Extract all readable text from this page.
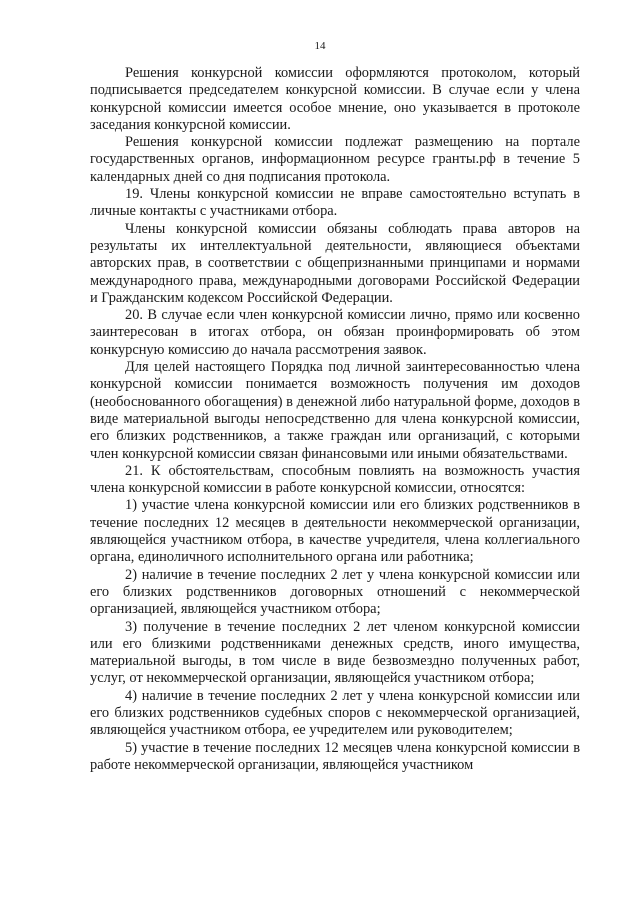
14

Решения конкурсной комиссии оформляются протоколом, который подписывается председателем конкурсной комиссии. В случае если у члена конкурсной комиссии имеется особое мнение, оно указывается в протоколе заседания конкурсной комиссии.

Решения конкурсной комиссии подлежат размещению на портале государственных органов, информационном ресурсе гранты.рф в течение 5 календарных дней со дня подписания протокола.

19. Члены конкурсной комиссии не вправе самостоятельно вступать в личные контакты с участниками отбора.

Члены конкурсной комиссии обязаны соблюдать права авторов на результаты их интеллектуальной деятельности, являющиеся объектами авторских прав, в соответствии с общепризнанными принципами и нормами международного права, международными договорами Российской Федерации и Гражданским кодексом Российской Федерации.

20. В случае если член конкурсной комиссии лично, прямо или косвенно заинтересован в итогах отбора, он обязан проинформировать об этом конкурсную комиссию до начала рассмотрения заявок.

Для целей настоящего Порядка под личной заинтересованностью члена конкурсной комиссии понимается возможность получения им доходов (необоснованного обогащения) в денежной либо натуральной форме, доходов в виде материальной выгоды непосредственно для члена конкурсной комиссии, его близких родственников, а также граждан или организаций, с которыми член конкурсной комиссии связан финансовыми или иными обязательствами.

21. К обстоятельствам, способным повлиять на возможность участия члена конкурсной комиссии в работе конкурсной комиссии, относятся:

1) участие члена конкурсной комиссии или его близких родственников в течение последних 12 месяцев в деятельности некоммерческой организации, являющейся участником отбора, в качестве учредителя, члена коллегиального органа, единоличного исполнительного органа или работника;

2) наличие в течение последних 2 лет у члена конкурсной комиссии или его близких родственников договорных отношений с некоммерческой организацией, являющейся участником отбора;

3) получение в течение последних 2 лет членом конкурсной комиссии или его близкими родственниками денежных средств, иного имущества, материальной выгоды, в том числе в виде безвозмездно полученных работ, услуг, от некоммерческой организации, являющейся участником отбора;

4) наличие в течение последних 2 лет у члена конкурсной комиссии или его близких родственников судебных споров с некоммерческой организацией, являющейся участником отбора, ее учредителем или руководителем;

5) участие в течение последних 12 месяцев члена конкурсной комиссии в работе некоммерческой организации, являющейся участником
